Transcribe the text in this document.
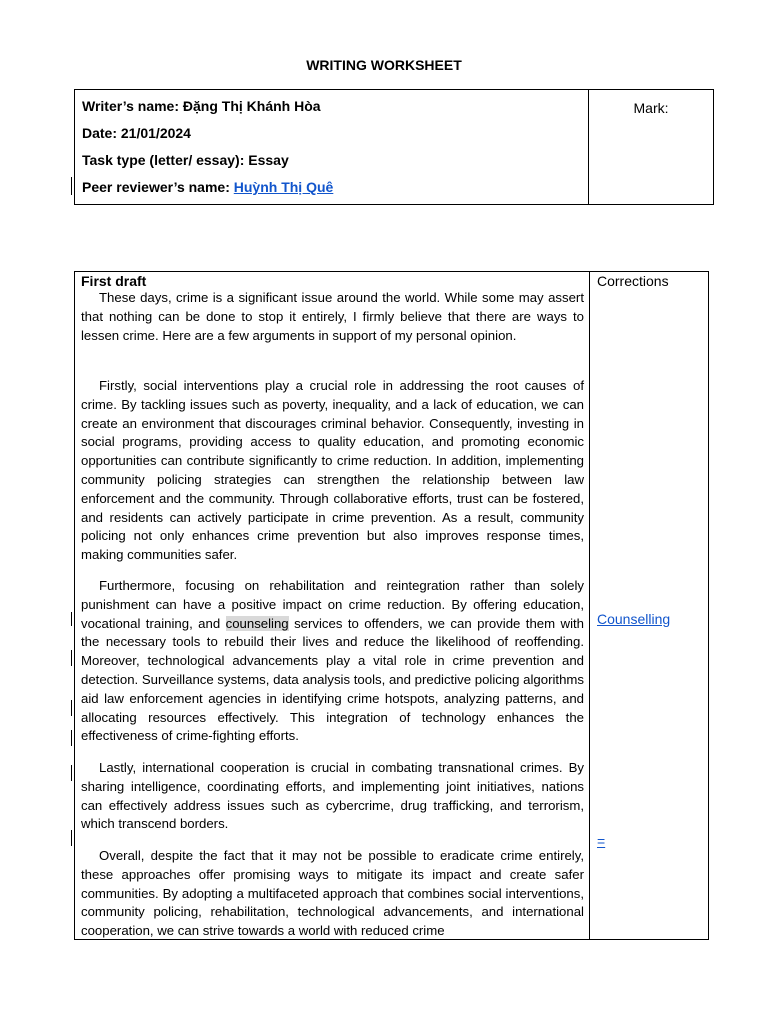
WRITING WORKSHEET
Writer’s name: Đặng Thị Khánh Hòa
Date: 21/01/2024
Task type (letter/ essay): Essay
Peer reviewer’s name: Huỳnh Thị Quê
Mark:
First draft

These days, crime is a significant issue around the world. While some may assert that nothing can be done to stop it entirely, I firmly believe that there are ways to lessen crime. Here are a few arguments in support of my personal opinion.

Firstly, social interventions play a crucial role in addressing the root causes of crime. By tackling issues such as poverty, inequality, and a lack of education, we can create an environment that discourages criminal behavior. Consequently, investing in social programs, providing access to quality education, and promoting economic opportunities can contribute significantly to crime reduction. In addition, implementing community policing strategies can strengthen the relationship between law enforcement and the community. Through collaborative efforts, trust can be fostered, and residents can actively participate in crime prevention. As a result, community policing not only enhances crime prevention but also improves response times, making communities safer.

Furthermore, focusing on rehabilitation and reintegration rather than solely punishment can have a positive impact on crime reduction. By offering education, vocational training, and counseling services to offenders, we can provide them with the necessary tools to rebuild their lives and reduce the likelihood of reoffending. Moreover, technological advancements play a vital role in crime prevention and detection. Surveillance systems, data analysis tools, and predictive policing algorithms aid law enforcement agencies in identifying crime hotspots, analyzing patterns, and allocating resources effectively. This integration of technology enhances the effectiveness of crime-fighting efforts.

Lastly, international cooperation is crucial in combating transnational crimes. By sharing intelligence, coordinating efforts, and implementing joint initiatives, nations can effectively address issues such as cybercrime, drug trafficking, and terrorism, which transcend borders.

Overall, despite the fact that it may not be possible to eradicate crime entirely, these approaches offer promising ways to mitigate its impact and create safer communities. By adopting a multifaceted approach that combines social interventions, community policing, rehabilitation, technological advancements, and international cooperation, we can strive towards a world with reduced crime

Corrections
Counselling
=
